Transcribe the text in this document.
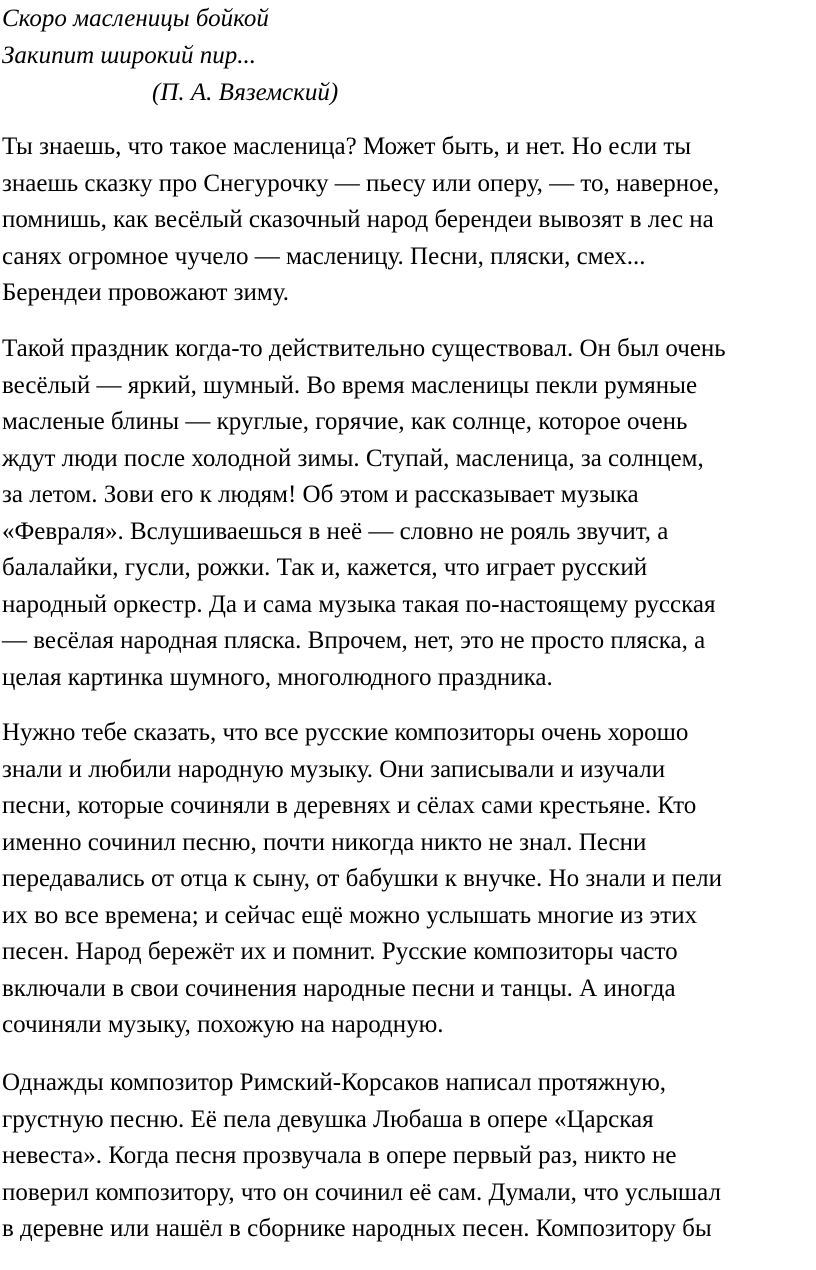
Скоро масленицы бойкой
Закипит широкий пир...
(П. А. Вяземский)
Ты знаешь, что такое масленица? Может быть, и нет. Но если ты
знаешь сказку про Снегурочку — пьесу или оперу, — то, наверное,
помнишь, как весёлый сказочный народ берендеи вывозят в лес на
санях огромное чучело — масленицу. Песни, пляски, смех...
Берендеи провожают зиму.
Такой праздник когда-то действительно существовал. Он был очень
весёлый — яркий, шумный. Во время масленицы пекли румяные
масленые блины — круглые, горячие, как солнце, которое очень
ждут люди после холодной зимы. Ступай, масленица, за солнцем,
за летом. Зови его к людям! Об этом и рассказывает музыка
«Февраля». Вслушиваешься в неё — словно не рояль звучит, а
балалайки, гусли, рожки. Так и, кажется, что играет русский
народный оркестр. Да и сама музыка такая по-настоящему русская
— весёлая народная пляска. Впрочем, нет, это не просто пляска, а
целая картинка шумного, многолюдного праздника.
Нужно тебе сказать, что все русские композиторы очень хорошо
знали и любили народную музыку. Они записывали и изучали
песни, которые сочиняли в деревнях и сёлах сами крестьяне. Кто
именно сочинил песню, почти никогда никто не знал. Песни
передавались от отца к сыну, от бабушки к внучке. Но знали и пели
их во все времена; и сейчас ещё можно услышать многие из этих
песен. Народ бережёт их и помнит. Русские композиторы часто
включали в свои сочинения народные песни и танцы. А иногда
сочиняли музыку, похожую на народную.
Однажды композитор Римский-Корсаков написал протяжную,
грустную песню. Её пела девушка Любаша в опере «Царская
невеста». Когда песня прозвучала в опере первый раз, никто не
поверил композитору, что он сочинил её сам. Думали, что услышал
в деревне или нашёл в сборнике народных песен. Композитору бы
